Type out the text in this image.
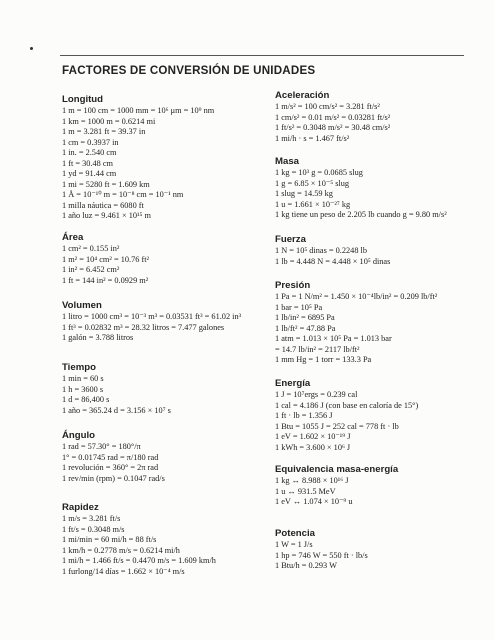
FACTORES DE CONVERSIÓN DE UNIDADES
Longitud
1 m = 100 cm = 1000 mm = 10⁶ μm = 10⁹ nm
1 km = 1000 m = 0.6214 mi
1 m = 3.281 ft = 39.37 in
1 cm = 0.3937 in
1 in. = 2.540 cm
1 ft = 30.48 cm
1 yd = 91.44 cm
1 mi = 5280 ft = 1.609 km
1 Å = 10⁻¹⁰ m = 10⁻⁸ cm = 10⁻¹ nm
1 milla náutica = 6080 ft
1 año luz = 9.461 × 10¹⁵ m
Área
1 cm² = 0.155 in²
1 m² = 10⁴ cm² = 10.76 ft²
1 in² = 6.452 cm²
1 ft = 144 in² = 0.0929 m²
Volumen
1 litro = 1000 cm³ = 10⁻³ m³ = 0.03531 ft³ = 61.02 in³
1 ft³ = 0.02832 m³ = 28.32 litros = 7.477 galones
1 galón = 3.788 litros
Tiempo
1 min = 60 s
1 h = 3600 s
1 d = 86,400 s
1 año = 365.24 d = 3.156 × 10⁷ s
Ángulo
1 rad = 57.30° = 180°/π
1° = 0.01745 rad = π/180 rad
1 revolución = 360° = 2π rad
1 rev/min (rpm) = 0.1047 rad/s
Rapidez
1 m/s = 3.281 ft/s
1 ft/s = 0.3048 m/s
1 mi/min = 60 mi/h = 88 ft/s
1 km/h = 0.2778 m/s = 0.6214 mi/h
1 mi/h = 1.466 ft/s = 0.4470 m/s = 1.609 km/h
1 furlong/14 días = 1.662 × 10⁻⁴ m/s
Aceleración
1 m/s² = 100 cm/s² = 3.281 ft/s²
1 cm/s² = 0.01 m/s² = 0.03281 ft/s²
1 ft/s² = 0.3048 m/s² = 30.48 cm/s²
1 mi/h · s = 1.467 ft/s²
Masa
1 kg = 10³ g = 0.0685 slug
1 g = 6.85 × 10⁻⁵ slug
1 slug = 14.59 kg
1 u = 1.661 × 10⁻²⁷ kg
1 kg tiene un peso de 2.205 lb cuando g = 9.80 m/s²
Fuerza
1 N = 10⁵ dinas = 0.2248 lb
1 lb = 4.448 N = 4.448 × 10⁵ dinas
Presión
1 Pa = 1 N/m² = 1.450 × 10⁻⁴lb/in² = 0.209 lb/ft²
1 bar = 10⁵ Pa
1 lb/in² = 6895 Pa
1 lb/ft² = 47.88 Pa
1 atm = 1.013 × 10⁵ Pa = 1.013 bar
= 14.7 lb/in² = 2117 lb/ft²
1 mm Hg = 1 torr = 133.3 Pa
Energía
1 J = 10⁷ergs = 0.239 cal
1 cal = 4.186 J (con base en caloría de 15°)
1 ft · lb = 1.356 J
1 Btu = 1055 J = 252 cal = 778 ft · lb
1 eV = 1.602 × 10⁻¹⁹ J
1 kWh = 3.600 × 10⁶ J
Equivalencia masa-energía
1 kg ↔ 8.988 × 10¹⁶ J
1 u ↔ 931.5 MeV
1 eV ↔ 1.074 × 10⁻⁹ u
Potencia
1 W = 1 J/s
1 hp = 746 W = 550 ft · lb/s
1 Btu/h = 0.293 W
